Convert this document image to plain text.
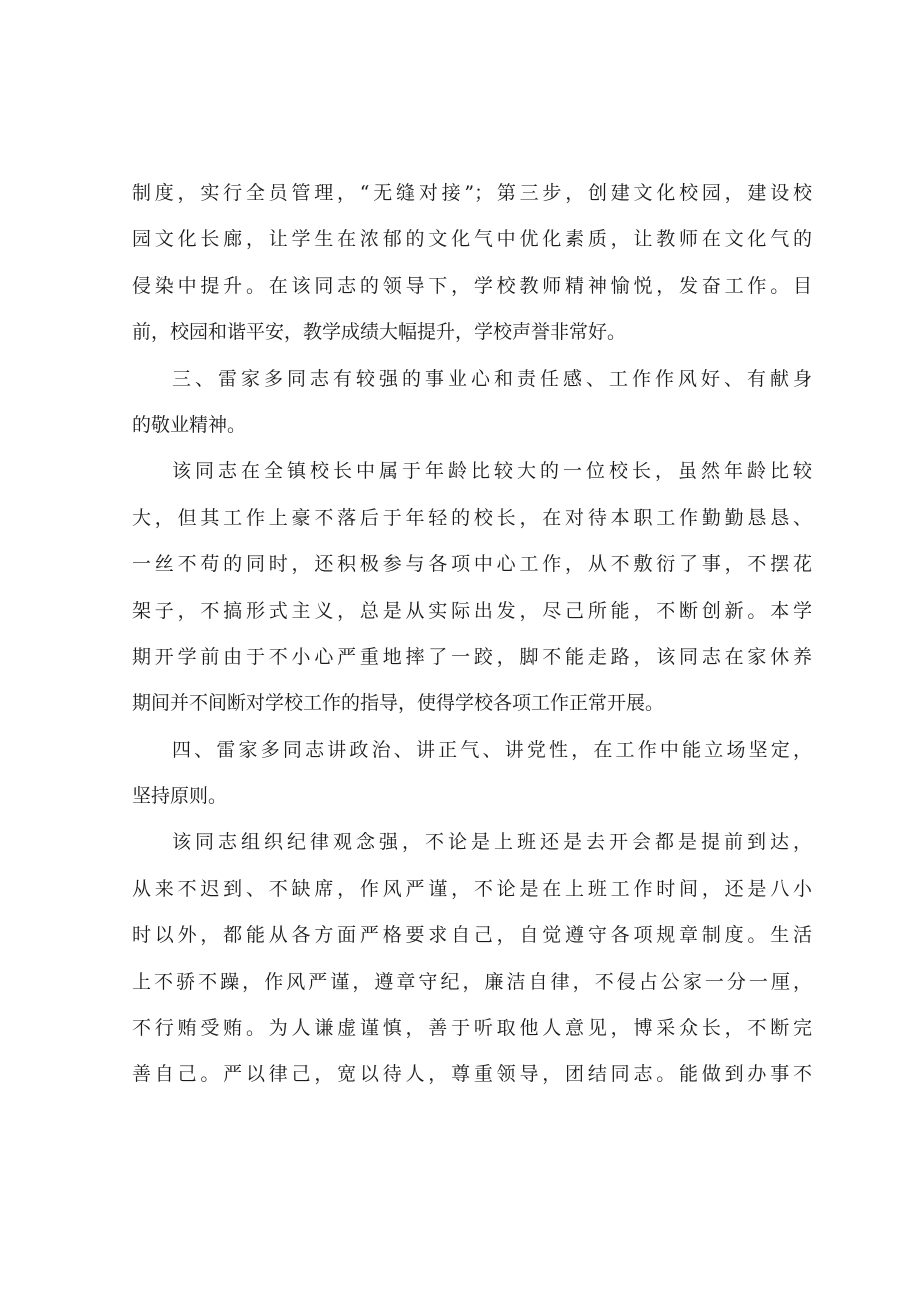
制度，实行全员管理，“无缝对接”；第三步，创建文化校园，建设校
园文化长廊，让学生在浓郁的文化气中优化素质，让教师在文化气的
侵染中提升。在该同志的领导下，学校教师精神愉悦，发奋工作。目
前，校园和谐平安，教学成绩大幅提升，学校声誉非常好。
三、雷家多同志有较强的事业心和责任感、工作作风好、有献身
的敬业精神。
该同志在全镇校长中属于年龄比较大的一位校长，虽然年龄比较
大，但其工作上豪不落后于年轻的校长，在对待本职工作勤勤恳恳、
一丝不苟的同时，还积极参与各项中心工作，从不敷衍了事，不摆花
架子，不搞形式主义，总是从实际出发，尽己所能，不断创新。本学
期开学前由于不小心严重地摔了一跤，脚不能走路，该同志在家休养
期间并不间断对学校工作的指导，使得学校各项工作正常开展。
四、雷家多同志讲政治、讲正气、讲党性，在工作中能立场坚定，
坚持原则。
该同志组织纪律观念强，不论是上班还是去开会都是提前到达，
从来不迟到、不缺席，作风严谨，不论是在上班工作时间，还是八小
时以外，都能从各方面严格要求自己，自觉遵守各项规章制度。生活
上不骄不躁，作风严谨，遵章守纪，廉洁自律，不侵占公家一分一厘，
不行贿受贿。为人谦虚谨慎，善于听取他人意见，博采众长，不断完
善自己。严以律己，宽以待人，尊重领导，团结同志。能做到办事不
